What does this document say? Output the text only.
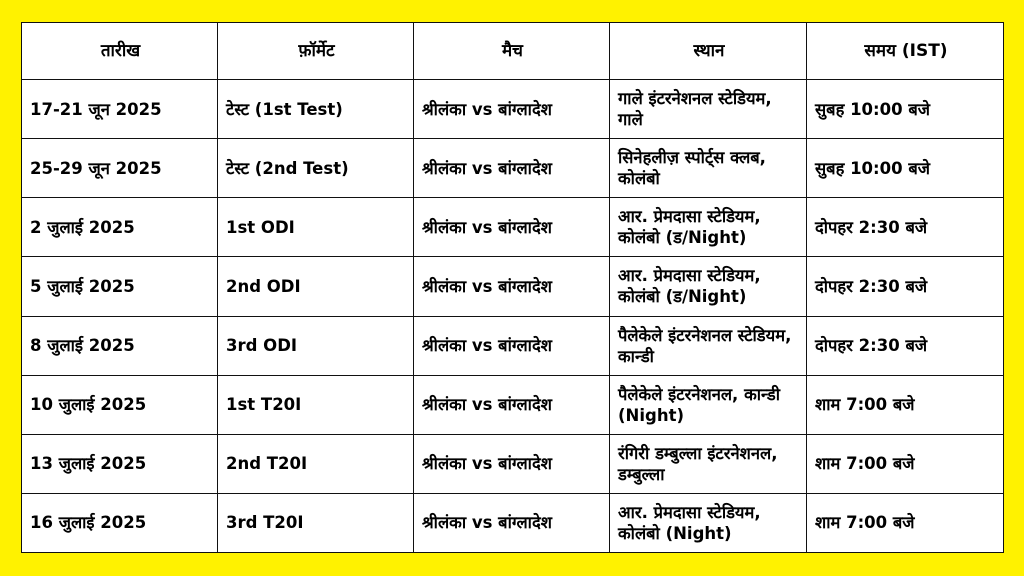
तारीख	फ़ॉर्मेट	मैच	स्थान	समय (IST)
17-21 जून 2025	टेस्ट (1st Test)	श्रीलंका vs बांग्लादेश	गाले इंटरनेशनल स्टेडियम, गाले	सुबह 10:00 बजे
25-29 जून 2025	टेस्ट (2nd Test)	श्रीलंका vs बांग्लादेश	सिनेहलीज़ स्पोर्ट्स क्लब, कोलंबो	सुबह 10:00 बजे
2 जुलाई 2025	1st ODI	श्रीलंका vs बांग्लादेश	आर. प्रेमदासा स्टेडियम, कोलंबो (ड/Night)	दोपहर 2:30 बजे
5 जुलाई 2025	2nd ODI	श्रीलंका vs बांग्लादेश	आर. प्रेमदासा स्टेडियम, कोलंबो (ड/Night)	दोपहर 2:30 बजे
8 जुलाई 2025	3rd ODI	श्रीलंका vs बांग्लादेश	पैलेकेले इंटरनेशनल स्टेडियम, कान्डी	दोपहर 2:30 बजे
10 जुलाई 2025	1st T20I	श्रीलंका vs बांग्लादेश	पैलेकेले इंटरनेशनल, कान्डी (Night)	शाम 7:00 बजे
13 जुलाई 2025	2nd T20I	श्रीलंका vs बांग्लादेश	रंगिरी डम्बुल्ला इंटरनेशनल, डम्बुल्ला	शाम 7:00 बजे
16 जुलाई 2025	3rd T20I	श्रीलंका vs बांग्लादेश	आर. प्रेमदासा स्टेडियम, कोलंबो (Night)	शाम 7:00 बजे
